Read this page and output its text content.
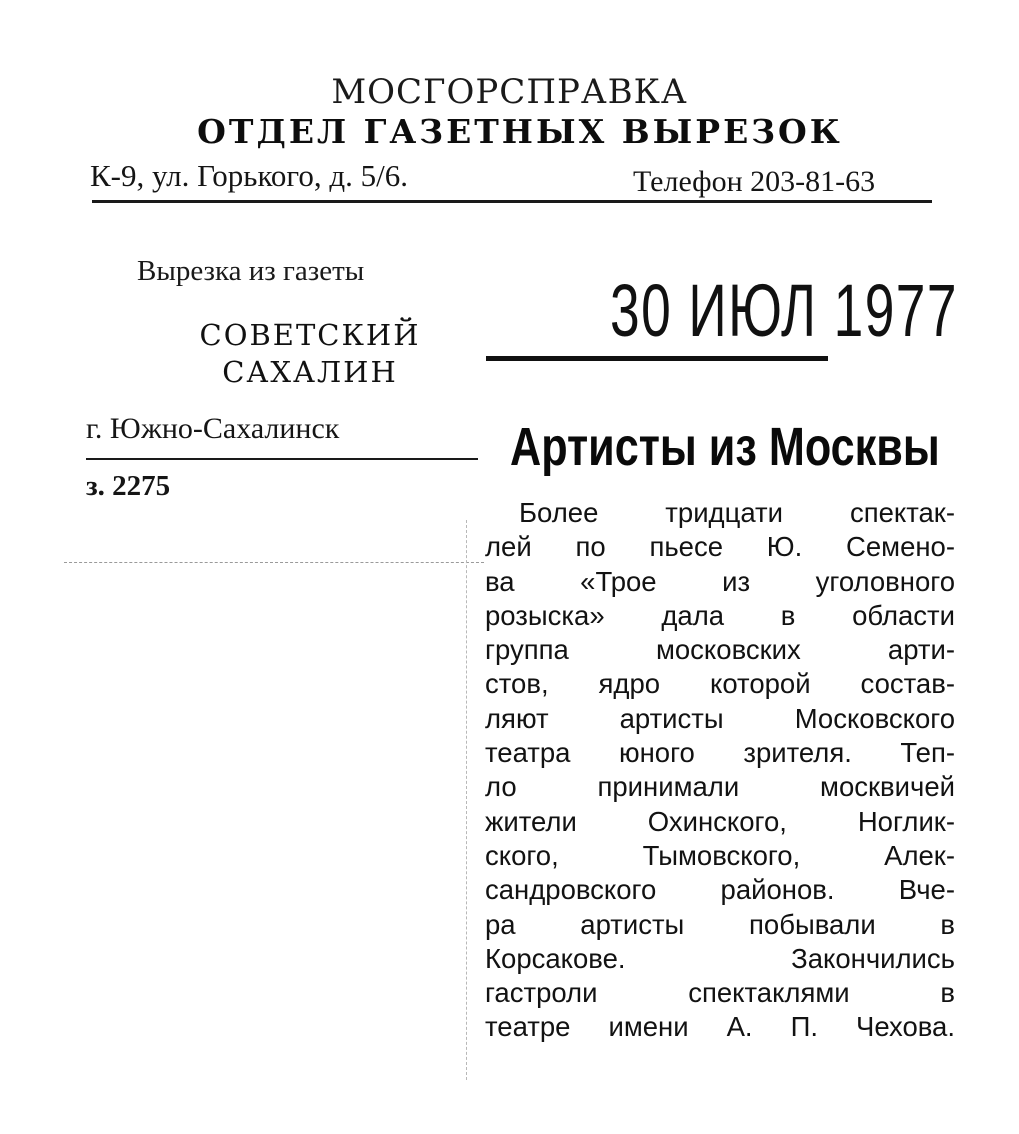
МОСГОРСПРАВКА
ОТДЕЛ ГАЗЕТНЫХ ВЫРЕЗОК
К-9, ул. Горького, д. 5/6.	Телефон 203-81-63
Вырезка из газеты
СОВЕТСКИЙ
САХАЛИН
г. Южно-Сахалинск
з. 2275
30 ИЮЛ 1977
Артисты из Москвы
Более тридцати спектак-
лей по пьесе Ю. Семено-
ва «Трое из уголовного
розыска» дала в области
группа московских арти-
стов, ядро которой состав-
ляют артисты Московского
театра юного зрителя. Теп-
ло принимали москвичей
жители Охинского, Ноглик-
ского, Тымовского, Алек-
сандровского районов. Вче-
ра артисты побывали в
Корсакове. Закончились
гастроли спектаклями в
театре имени А. П. Чехова.
